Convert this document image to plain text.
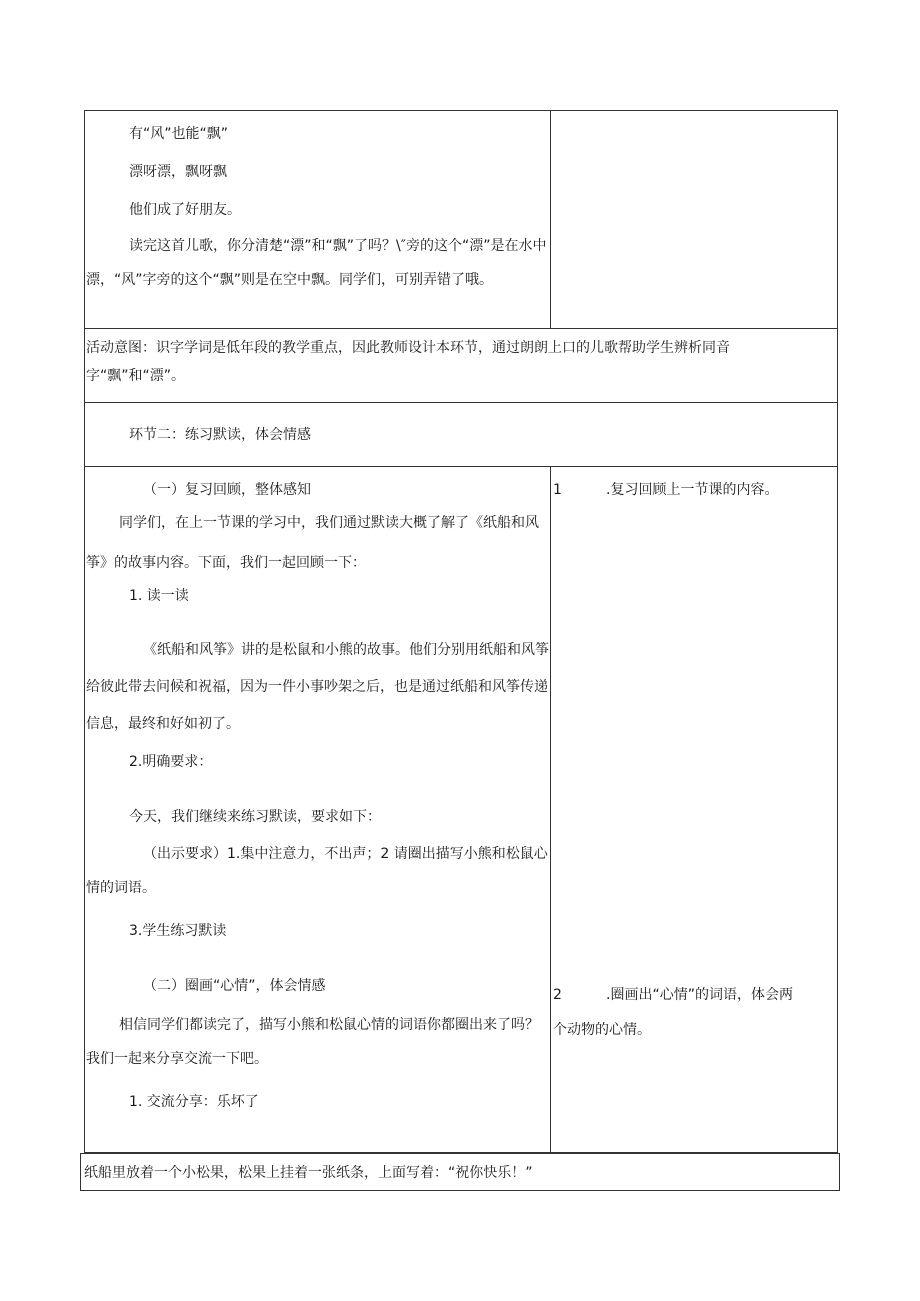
有“风”也能“飘”
漂呀漂，飘呀飘
他们成了好朋友。
读完这首儿歌，你分清楚“漂”和“飘”了吗？\″旁的这个“漂”是在水中漂，“风”字旁的这个“飘”则是在空中飘。同学们，可别弄错了哦。
活动意图：识字学词是低年段的教学重点，因此教师设计本环节，通过朗朗上口的儿歌帮助学生辨析同音字“飘”和“漂”。
环节二：练习默读，体会情感
（一）复习回顾，整体感知
同学们，在上一节课的学习中，我们通过默读大概了解了《纸船和风筝》的故事内容。下面，我们一起回顾一下：
1. 读一读
《纸船和风筝》讲的是松鼠和小熊的故事。他们分别用纸船和风筝给彼此带去问候和祝福，因为一件小事吵架之后，也是通过纸船和风筝传递信息，最终和好如初了。
2.明确要求：
今天，我们继续来练习默读，要求如下：
（出示要求）1.集中注意力，不出声；2 请圈出描写小熊和松鼠心情的词语。
3.学生练习默读
（二）圈画“心情”，体会情感
相信同学们都读完了，描写小熊和松鼠心情的词语你都圈出来了吗？我们一起来分享交流一下吧。
1. 交流分享：乐坏了
1	.复习回顾上一节课的内容。
2	.圈画出“心情”的词语，体会两
个动物的心情。
纸船里放着一个小松果，松果上挂着一张纸条，上面写着：“祝你快乐！”
